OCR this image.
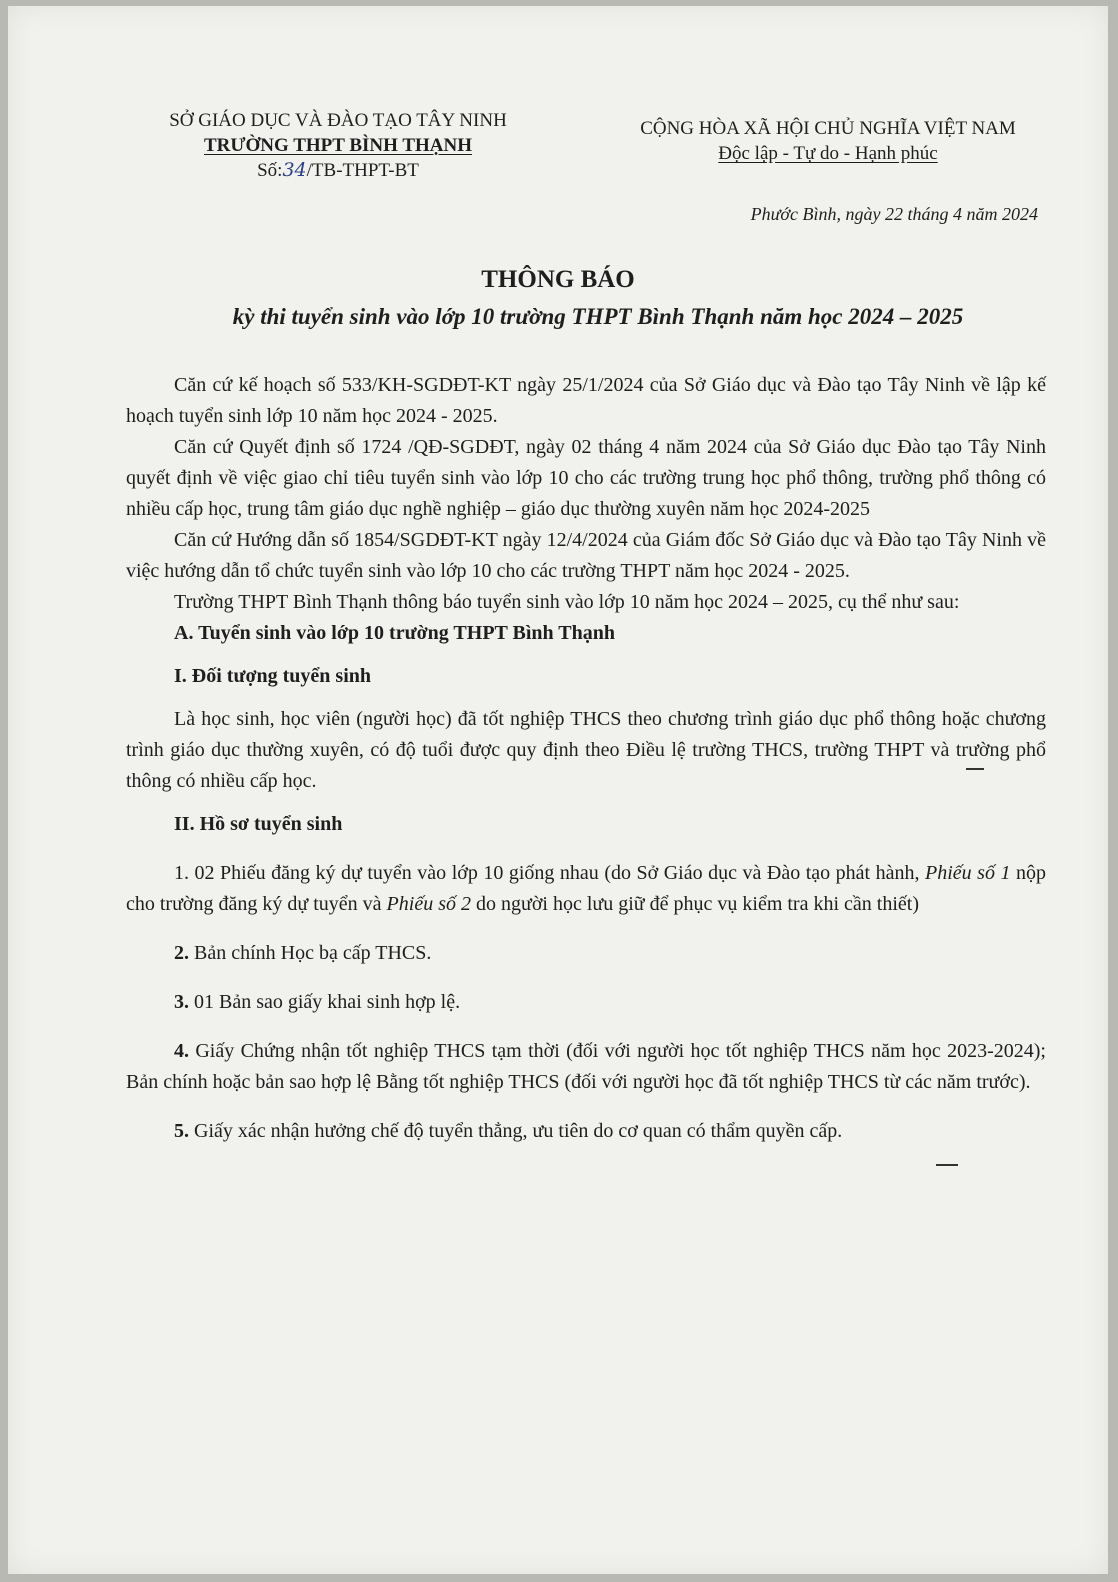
SỞ GIÁO DỤC VÀ ĐÀO TẠO TÂY NINH
TRƯỜNG THPT BÌNH THẠNH
Số:34/TB-THPT-BT
CỘNG HÒA XÃ HỘI CHỦ NGHĨA VIỆT NAM
Độc lập - Tự do - Hạnh phúc
Phước Bình, ngày 22 tháng 4 năm 2024
THÔNG BÁO
kỳ thi tuyển sinh vào lớp 10 trường THPT Bình Thạnh năm học 2024 – 2025

Căn cứ kế hoạch số 533/KH-SGDĐT-KT ngày 25/1/2024 của Sở Giáo dục và Đào tạo Tây Ninh về lập kế hoạch tuyển sinh lớp 10 năm học 2024 - 2025.

Căn cứ Quyết định số 1724 /QĐ-SGDĐT, ngày 02 tháng 4 năm 2024 của Sở Giáo dục Đào tạo Tây Ninh quyết định về việc giao chỉ tiêu tuyển sinh vào lớp 10 cho các trường trung học phổ thông, trường phổ thông có nhiều cấp học, trung tâm giáo dục nghề nghiệp – giáo dục thường xuyên năm học 2024-2025

Căn cứ Hướng dẫn số 1854/SGDĐT-KT ngày 12/4/2024 của Giám đốc Sở Giáo dục và Đào tạo Tây Ninh về việc hướng dẫn tổ chức tuyển sinh vào lớp 10 cho các trường THPT năm học 2024 - 2025.

Trường THPT Bình Thạnh thông báo tuyển sinh vào lớp 10 năm học 2024 – 2025, cụ thể như sau:

A. Tuyển sinh vào lớp 10 trường THPT Bình Thạnh

I. Đối tượng tuyển sinh

Là học sinh, học viên (người học) đã tốt nghiệp THCS theo chương trình giáo dục phổ thông hoặc chương trình giáo dục thường xuyên, có độ tuổi được quy định theo Điều lệ trường THCS, trường THPT và trường phổ thông có nhiều cấp học.

II. Hồ sơ tuyển sinh

1. 02 Phiếu đăng ký dự tuyển vào lớp 10 giống nhau (do Sở Giáo dục và Đào tạo phát hành, Phiếu số 1 nộp cho trường đăng ký dự tuyển và Phiếu số 2 do người học lưu giữ để phục vụ kiểm tra khi cần thiết)

2. Bản chính Học bạ cấp THCS.

3. 01 Bản sao giấy khai sinh hợp lệ.

4. Giấy Chứng nhận tốt nghiệp THCS tạm thời (đối với người học tốt nghiệp THCS năm học 2023-2024); Bản chính hoặc bản sao hợp lệ Bằng tốt nghiệp THCS (đối với người học đã tốt nghiệp THCS từ các năm trước).

5. Giấy xác nhận hưởng chế độ tuyển thẳng, ưu tiên do cơ quan có thẩm quyền cấp.
